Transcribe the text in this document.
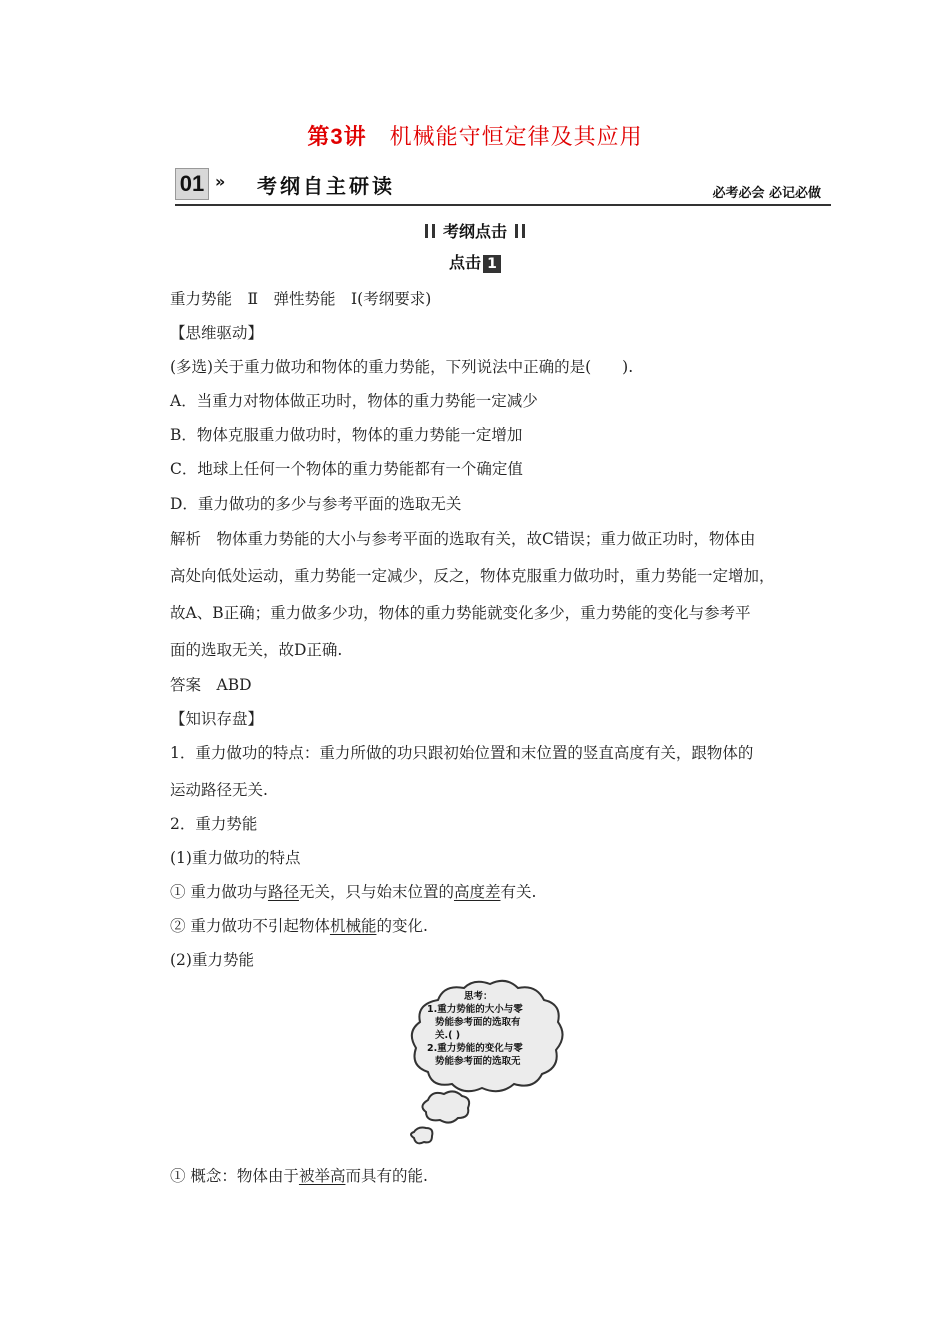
第3讲　 机械能守恒定律及其应用
01 » 考纲自主研读	必考必会 必记必做
考纲点击
点击 1
重力势能　Ⅱ　弹性势能　Ⅰ(考纲要求)
【思维驱动】
(多选)关于重力做功和物体的重力势能，下列说法中正确的是(　　).
A．当重力对物体做正功时，物体的重力势能一定减少
B．物体克服重力做功时，物体的重力势能一定增加
C．地球上任何一个物体的重力势能都有一个确定值
D．重力做功的多少与参考平面的选取无关
解析　物体重力势能的大小与参考平面的选取有关，故C错误；重力做正功时，物体由
高处向低处运动，重力势能一定减少，反之，物体克服重力做功时，重力势能一定增加，
故A、B正确；重力做多少功，物体的重力势能就变化多少，重力势能的变化与参考平
面的选取无关，故D正确.
答案　ABD
【知识存盘】
1．重力做功的特点：重力所做的功只跟初始位置和末位置的竖直高度有关，跟物体的
运动路径无关.
2．重力势能
(1)重力做功的特点
① 重力做功与路径无关，只与始末位置的高度差有关.
② 重力做功不引起物体机械能的变化.
(2)重力势能
思考：
1.重力势能的大小与零
势能参考面的选取有
关.( )
2.重力势能的变化与零
势能参考面的选取无
① 概念：物体由于被举高而具有的能.
